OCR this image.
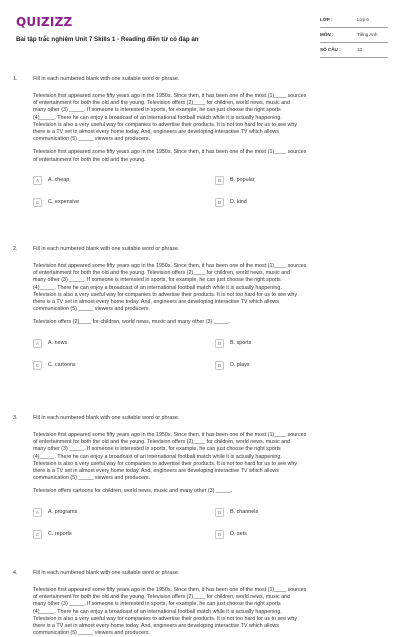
QUIZIZZ
Bài tập trắc nghiệm Unit 7 Skills 1 - Reading điền từ có đáp án
LỚP :	Lớp 6
MÔN :	Tiếng Anh
SỐ CÂU :	10
1.	Fill in each numbered blank with one suitable word or phrase.
Television first appeared some fifty years ago in the 1950s. Since then, it has been one of the most (1)____ sources
of entertainment for both the old and the young. Television offers (2)____ for children, world news, music and
many other (3) _____. If someone is interested in sports, for example, he can just choose the right sports
(4)_____. There he can enjoy a broadcast of an international football match while it is actually happening.
Television is also a very useful way for companies to advertise their products. It is not too hard for us to see why
there is a TV set in almost every home today. And, engineers are developing interactive TV which allows
communication (5) _____ viewers and producers.
Television first appeared some fifty years ago in the 1950s. Since then, it has been one of the most (1)____ sources
of entertainment for both the old and the young.
A	A. cheap	B	B. popular
C	C. expensive	D	D. kind
2.	Fill in each numbered blank with one suitable word or phrase.
Television first appeared some fifty years ago in the 1950s. Since then, it has been one of the most (1)____ sources
of entertainment for both the old and the young. Television offers (2)____ for children, world news, music and
many other (3) _____. If someone is interested in sports, for example, he can just choose the right sports
(4)_____. There he can enjoy a broadcast of an international football match while it is actually happening.
Television is also a very useful way for companies to advertise their products. It is not too hard for us to see why
there is a TV set in almost every home today. And, engineers are developing interactive TV which allows
communication (5) _____ viewers and producers.
Television offers (2)____ for children, world news, music and many other (3) _____.
A	A. news	B	B. sports
C	C. cartoons	D	D. plays
3.	Fill in each numbered blank with one suitable word or phrase.
Television first appeared some fifty years ago in the 1950s. Since then, it has been one of the most (1)____ sources
of entertainment for both the old and the young. Television offers (2)____ for children, world news, music and
many other (3) _____. If someone is interested in sports, for example, he can just choose the right sports
(4)_____. There he can enjoy a broadcast of an international football match while it is actually happening.
Television is also a very useful way for companies to advertise their products. It is not too hard for us to see why
there is a TV set in almost every home today. And, engineers are developing interactive TV which allows
communication (5) _____ viewers and producers.
Television offers cartoons for children, world news, music and many other (3) _____.
A	A. programs	B	B. channels
C	C. reports	D	D. sets
4.	Fill in each numbered blank with one suitable word or phrase.
Television first appeared some fifty years ago in the 1950s. Since then, it has been one of the most (1)____ sources
of entertainment for both the old and the young. Television offers (2)____ for children, world news, music and
many other (3) _____. If someone is interested in sports, for example, he can just choose the right sports
(4)_____. There he can enjoy a broadcast of an international football match while it is actually happening.
Television is also a very useful way for companies to advertise their products. It is not too hard for us to see why
there is a TV set in almost every home today. And, engineers are developing interactive TV which allows
communication (5) _____ viewers and producers.
